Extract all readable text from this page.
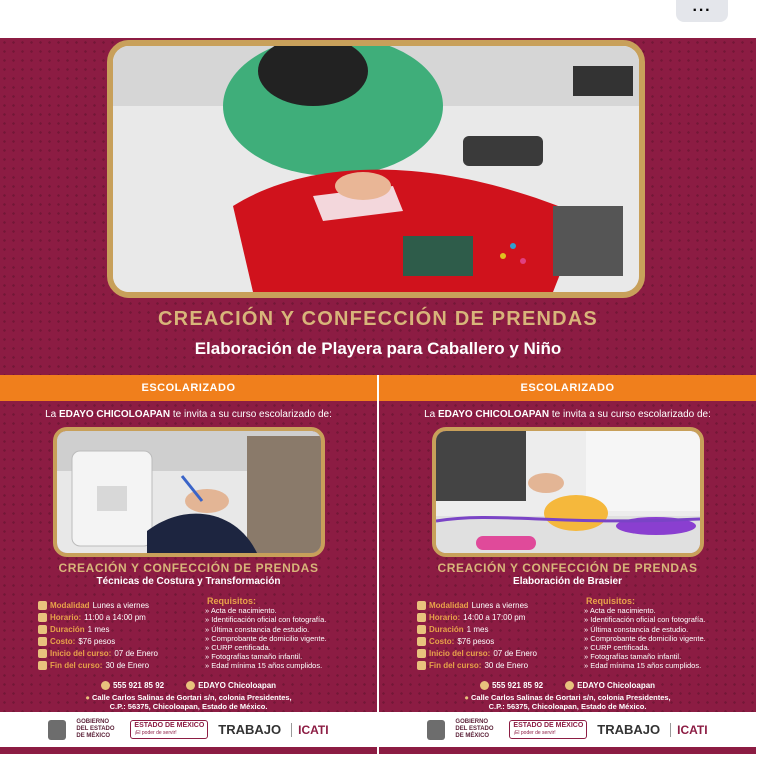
···
CREACIÓN Y CONFECCIÓN DE PRENDAS
Elaboración de Playera para Caballero y Niño
ESCOLARIZADO
La EDAYO CHICOLOAPAN te invita a su curso escolarizado de:
CREACIÓN Y CONFECCIÓN DE PRENDAS
Técnicas de Costura y Transformación
Modalidad Lunes a viernes
Horario: 11:00 a 14:00 pm
Duración 1 mes
Costo: $76 pesos
Inicio del curso: 07 de Enero
Fin del curso: 30 de Enero
Requisitos:
» Acta de nacimiento.
» Identificación oficial con fotografía.
» Última constancia de estudio.
» Comprobante de domicilio vigente.
» CURP certificada.
» Fotografías tamaño infantil.
» Edad mínima 15 años cumplidos.
555 921 85 92	EDAYO Chicoloapan
● Calle Carlos Salinas de Gortari s/n, colonia Presidentes,
C.P.: 56375, Chicoloapan, Estado de México.
GOBIERNO DEL ESTADO DE MÉXICO
ESTADO DE MÉXICO
¡El poder de servir!	TRABAJO	ICATI
ESCOLARIZADO
La EDAYO CHICOLOAPAN te invita a su curso escolarizado de:
CREACIÓN Y CONFECCIÓN DE PRENDAS
Elaboración de Brasier
Modalidad Lunes a viernes
Horario: 14:00 a 17:00 pm
Duración 1 mes
Costo: $76 pesos
Inicio del curso: 07 de Enero
Fin del curso: 30 de Enero
Requisitos:
» Acta de nacimiento.
» Identificación oficial con fotografía.
» Última constancia de estudio.
» Comprobante de domicilio vigente.
» CURP certificada.
» Fotografías tamaño infantil.
» Edad mínima 15 años cumplidos.
555 921 85 92	EDAYO Chicoloapan
● Calle Carlos Salinas de Gortari s/n, colonia Presidentes,
C.P.: 56375, Chicoloapan, Estado de México.
GOBIERNO DEL ESTADO DE MÉXICO
ESTADO DE MÉXICO
¡El poder de servir!	TRABAJO	ICATI
